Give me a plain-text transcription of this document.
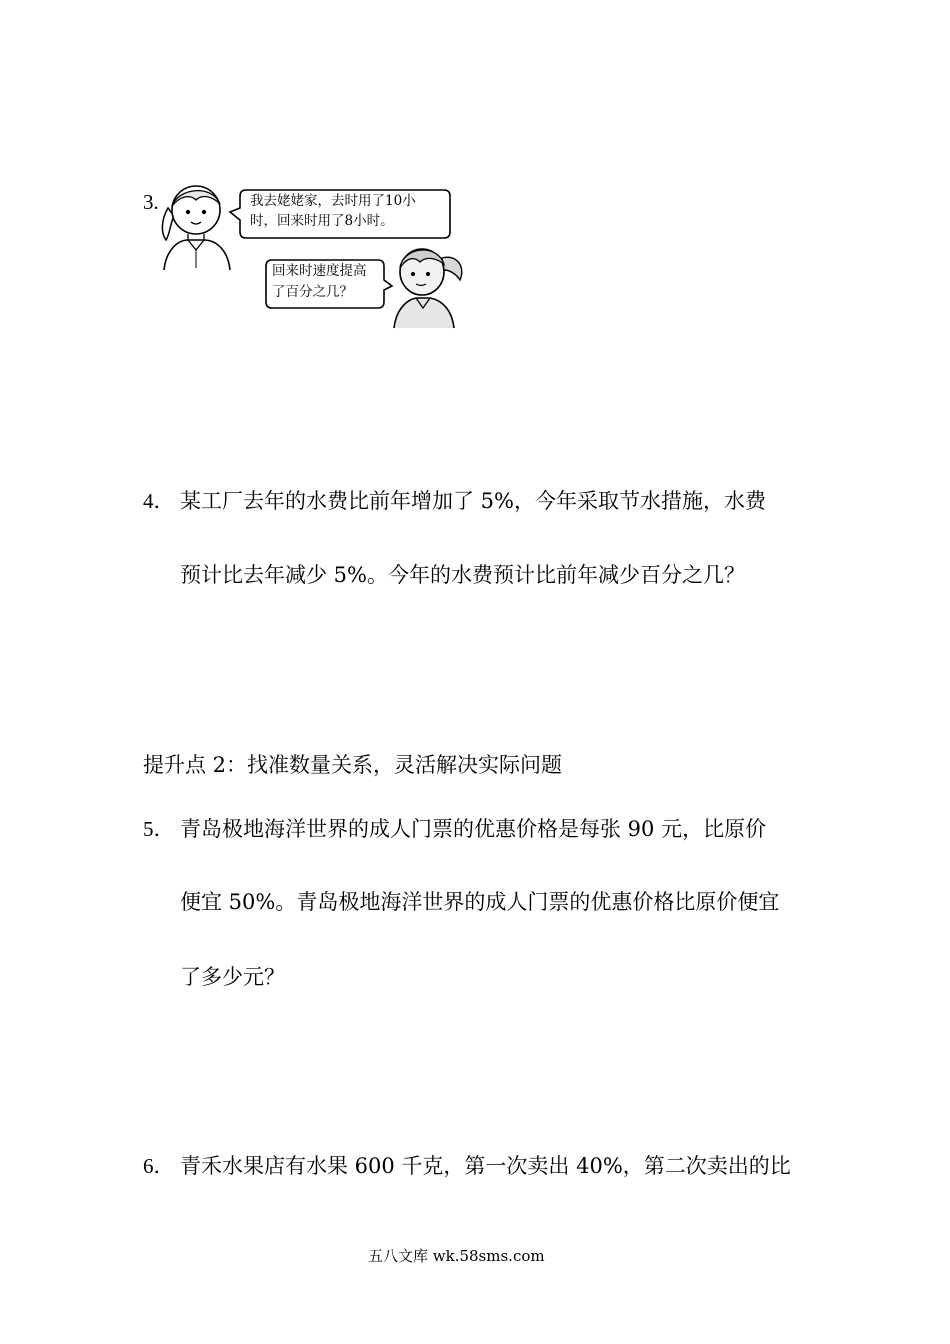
3.	我去姥姥家，去时用了10小
时，回来时用了8小时。
回来时速度提高
了百分之几？
4． 某工厂去年的水费比前年增加了 5%，今年采取节水措施，水费
预计比去年减少 5%。今年的水费预计比前年减少百分之几？
提升点 2：找准数量关系，灵活解决实际问题
5． 青岛极地海洋世界的成人门票的优惠价格是每张 90 元，比原价
便宜 50%。青岛极地海洋世界的成人门票的优惠价格比原价便宜
了多少元？
6． 青禾水果店有水果 600 千克，第一次卖出 40%，第二次卖出的比
五八文库 wk.58sms.com
